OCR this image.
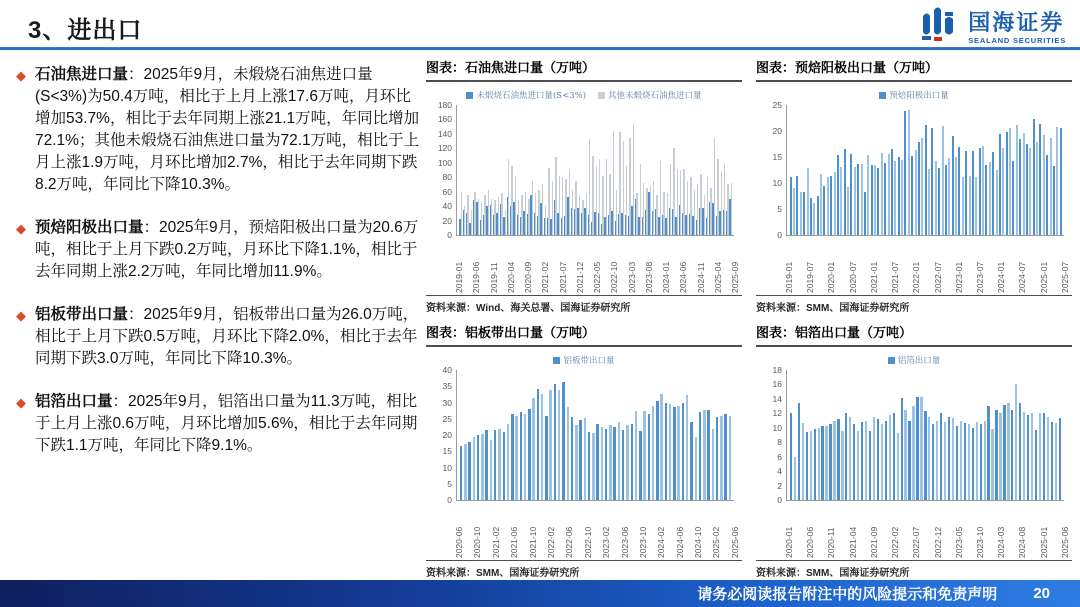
3、进出口	国海证券
SEALAND SECURITIES
◆ 石油焦进口量：2025年9月，未煅烧石油焦进口量(S<3%)为50.4万吨，相比于上月上涨17.6万吨，月环比增加53.7%，相比于去年同期上涨21.1万吨，年同比增加72.1%；其他未煅烧石油焦进口量为72.1万吨，相比于上月上涨1.9万吨，月环比增加2.7%，相比于去年同期下跌8.2万吨，年同比下降10.3%。
◆ 预焙阳极出口量：2025年9月，预焙阳极出口量为20.6万吨，相比于上月下跌0.2万吨，月环比下降1.1%，相比于去年同期上涨2.2万吨，年同比增加11.9%。
◆ 铝板带出口量：2025年9月，铝板带出口量为26.0万吨，相比于上月下跌0.5万吨，月环比下降2.0%，相比于去年同期下跌3.0万吨，年同比下降10.3%。
◆ 铝箔出口量：2025年9月，铝箔出口量为11.3万吨，相比于上月上涨0.6万吨，月环比增加5.6%，相比于去年同期下跌1.1万吨，年同比下降9.1%。
图表：石油焦进口量（万吨）
未煅烧石油焦进口量(S<3%)	其他未煅烧石油焦进口量
180
160
140
120
100
80
60
40
20
0
2019-01 2019-06 2019-11 2020-04 2020-09 2021-02 2021-07 2021-12 2022-05 2022-10 2023-03 2023-08 2024-01 2024-06 2024-11 2025-04 2025-09
资料来源：Wind、海关总署、国海证券研究所
图表：预焙阳极出口量（万吨）
预焙阳极出口量
25
20
15
10
5
0
2019-01 2019-07 2020-01 2020-07 2021-01 2021-07 2022-01 2022-07 2023-01 2023-07 2024-01 2024-07 2025-01 2025-07
资料来源：SMM、国海证券研究所
图表：铝板带出口量（万吨）
铝板带出口量
40
35
30
25
20
15
10
5
0
2020-06 2020-10 2021-02 2021-06 2021-10 2022-02 2022-06 2022-10 2023-02 2023-06 2023-10 2024-02 2024-06 2024-10 2025-02 2025-06
资料来源：SMM、国海证券研究所
图表：铝箔出口量（万吨）
铝箔出口量
18
16
14
12
10
8
6
4
2
0
2020-01 2020-06 2020-11 2021-04 2021-09 2022-02 2022-07 2022-12 2023-05 2023-10 2024-03 2024-08 2025-01 2025-06
资料来源：SMM、国海证券研究所
请务必阅读报告附注中的风险提示和免责声明 20
